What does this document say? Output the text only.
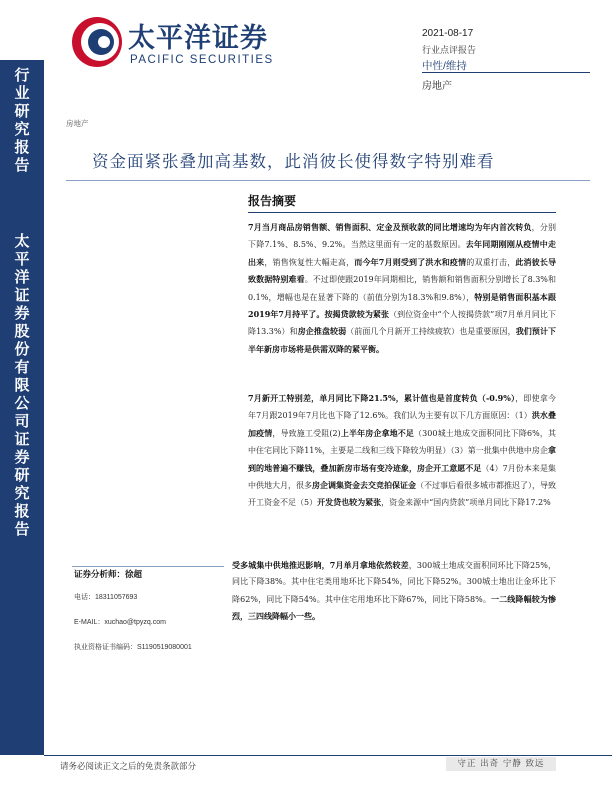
行
业
研
究
报
告
太
平
洋
证
券
股
份
有
限
公
司
证
券
研
究
报
告
太平洋证券
PACIFIC SECURITIES
2021-08-17
行业点评报告
中性/维持
房地产
房地产
资金面紧张叠加高基数，此消彼长使得数字特别难看
报告摘要
7月当月商品房销售额、销售面积、定金及预收款的同比增速均为年内首次转负，分别下降7.1%、8.5%、9.2%。当然这里面有一定的基数原因。去年同期刚刚从疫情中走出来，销售恢复性大幅走高，而今年7月则受到了洪水和疫情的双重打击，此消彼长导致数据特别难看。不过即使跟2019年同期相比，销售额和销售面积分别增长了8.3%和0.1%，增幅也是在显著下降的（前值分别为18.3%和9.8%），特别是销售面积基本跟2019年7月持平了。按揭贷款较为紧张（到位资金中“个人按揭贷款”项7月单月同比下降13.3%）和房企推盘较弱（前面几个月新开工持续疲软）也是重要原因，我们预计下半年新房市场将是供需双降的紧平衡。
7月新开工特别差，单月同比下降21.5%，累计值也是首度转负（-0.9%），即使拿今年7月跟2019年7月比也下降了12.6%。我们认为主要有以下几方面原因：（1）洪水叠加疫情，导致施工受阻(2)上半年房企拿地不足（300城土地成交面积同比下降6%，其中住宅同比下降11%，主要是二线和三线下降较为明显）（3）第一批集中供地中房企拿到的地普遍不赚钱，叠加新房市场有变冷迹象，房企开工意愿不足（4）7月份本来是集中供地大月，很多房企调集资金去交竞拍保证金（不过事后看很多城市都推迟了），导致开工资金不足（5）开发贷也较为紧张，资金来源中“国内贷款”项单月同比下降17.2%
受多城集中供地推迟影响，7月单月拿地依然较差，300城土地成交面积同环比下降25%，同比下降38%。其中住宅类用地环比下降54%，同比下降52%。300城土地出让金环比下降62%，同比下降54%。其中住宅用地环比下降67%，同比下降58%。一二线降幅较为惨烈，三四线降幅小一些。
证券分析师：徐超
电话：18311057693
E-MAIL：xuchao@tpyzq.com
执业资格证书编码：S1190519080001
请务必阅读正文之后的免责条款部分	守正 出奇 宁静 致远
